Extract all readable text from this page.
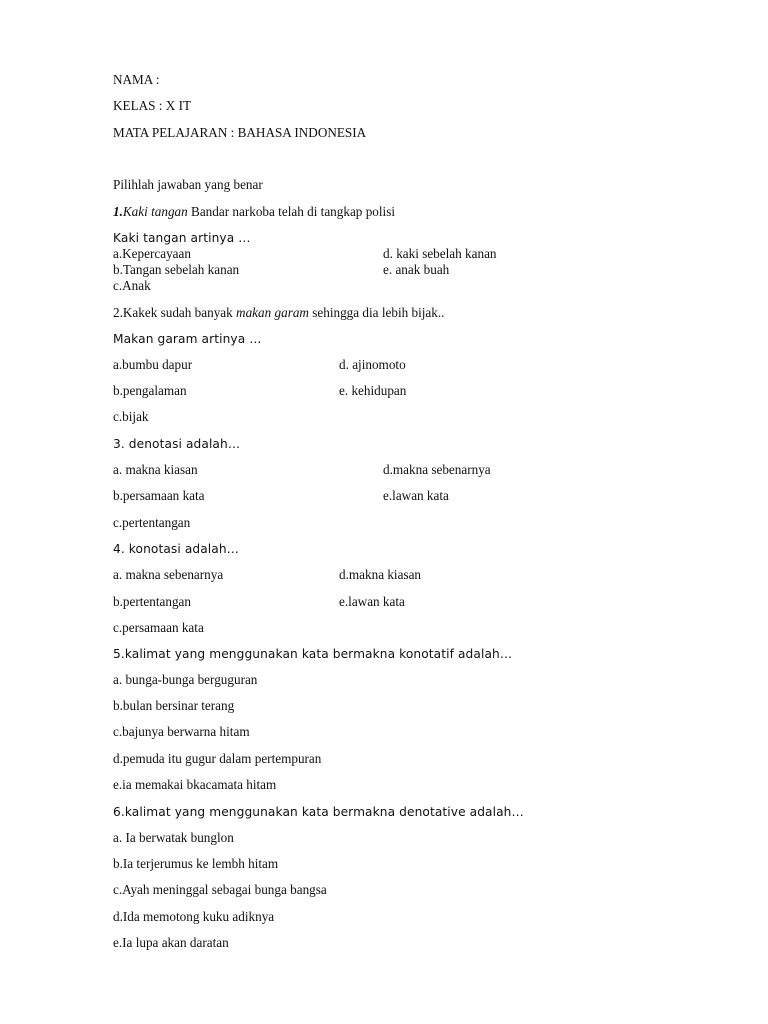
NAMA :
KELAS : X IT
MATA PELAJARAN : BAHASA INDONESIA
Pilihlah jawaban yang benar
1.Kaki tangan Bandar narkoba telah di tangkap polisi
Kaki tangan artinya …
a.Kepercayaan	d. kaki sebelah kanan
b.Tangan sebelah kanan	e. anak buah
c.Anak
2.Kakek sudah banyak makan garam sehingga dia lebih bijak..
Makan garam artinya …
a.bumbu dapur	d. ajinomoto
b.pengalaman	e. kehidupan
c.bijak
3. denotasi adalah…
a. makna kiasan	d.makna sebenarnya
b.persamaan kata	e.lawan kata
c.pertentangan
4. konotasi adalah…
a. makna sebenarnya	d.makna kiasan
b.pertentangan	e.lawan kata
c.persamaan kata
5.kalimat yang menggunakan kata bermakna konotatif adalah…
a. bunga-bunga berguguran
b.bulan bersinar terang
c.bajunya berwarna hitam
d.pemuda itu gugur dalam pertempuran
e.ia memakai bkacamata hitam
6.kalimat yang menggunakan kata bermakna denotative adalah…
a. Ia berwatak bunglon
b.Ia terjerumus ke lembh hitam
c.Ayah meninggal sebagai bunga bangsa
d.Ida memotong kuku adiknya
e.Ia lupa akan daratan
